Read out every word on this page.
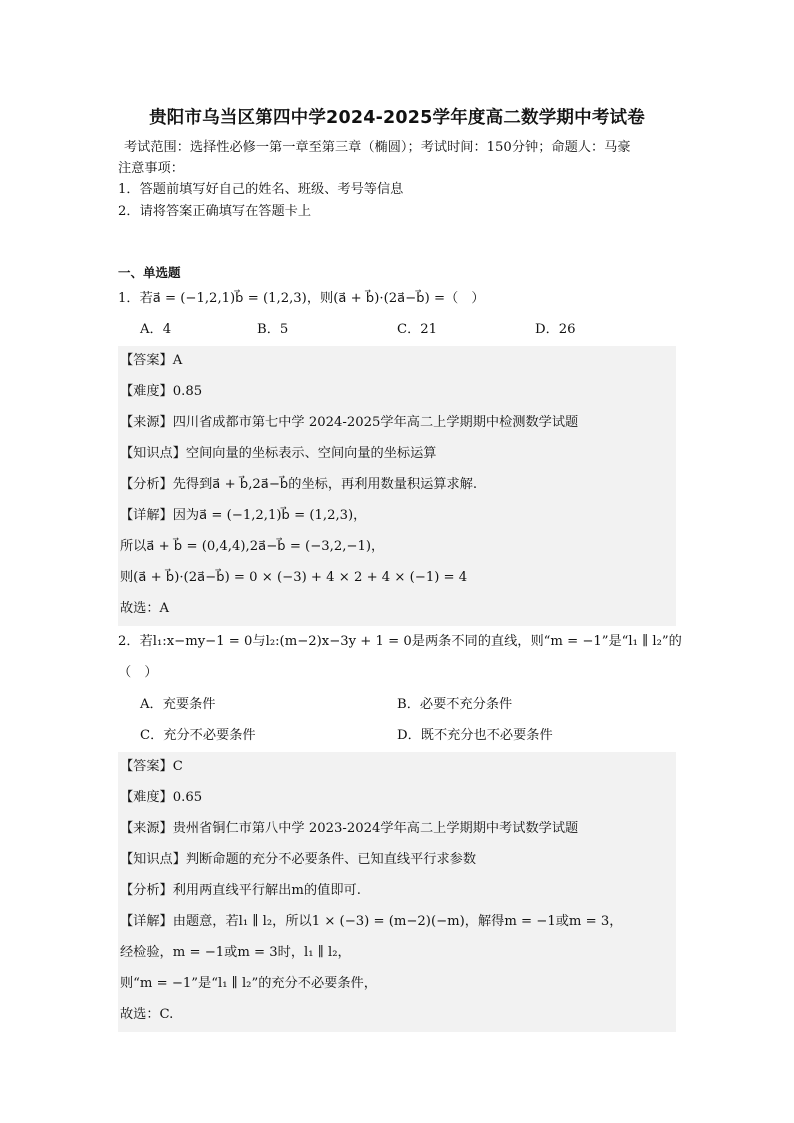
贵阳市乌当区第四中学2024-2025学年度高二数学期中考试卷
考试范围：选择性必修一第一章至第三章（椭圆）；考试时间：150分钟；命题人：马豪
注意事项：
1．答题前填写好自己的姓名、班级、考号等信息
2．请将答案正确填写在答题卡上
一、单选题
1．若a⃗ = (−1,2,1)b⃗ = (1,2,3)，则(a⃗ + b⃗)·(2a⃗−b⃗) =（　）
A．4	B．5	C．21	D．26
【答案】A
【难度】0.85
【来源】四川省成都市第七中学 2024-2025学年高二上学期期中检测数学试题
【知识点】空间向量的坐标表示、空间向量的坐标运算
【分析】先得到a⃗ + b⃗,2a⃗−b⃗的坐标，再利用数量积运算求解.
【详解】因为a⃗ = (−1,2,1)b⃗ = (1,2,3)，
所以a⃗ + b⃗ = (0,4,4),2a⃗−b⃗ = (−3,2,−1)，
则(a⃗ + b⃗)·(2a⃗−b⃗) = 0 × (−3) + 4 × 2 + 4 × (−1) = 4
故选：A
2．若l₁:x−my−1 = 0与l₂:(m−2)x−3y + 1 = 0是两条不同的直线，则“m = −1”是“l₁ ∥ l₂”的
（　）
A．充要条件	B．必要不充分条件
C．充分不必要条件	D．既不充分也不必要条件
【答案】C
【难度】0.65
【来源】贵州省铜仁市第八中学 2023-2024学年高二上学期期中考试数学试题
【知识点】判断命题的充分不必要条件、已知直线平行求参数
【分析】利用两直线平行解出m的值即可.
【详解】由题意，若l₁ ∥ l₂，所以1 × (−3) = (m−2)(−m)，解得m = −1或m = 3，
经检验，m = −1或m = 3时，l₁ ∥ l₂，
则“m = −1”是“l₁ ∥ l₂”的充分不必要条件，
故选：C.
